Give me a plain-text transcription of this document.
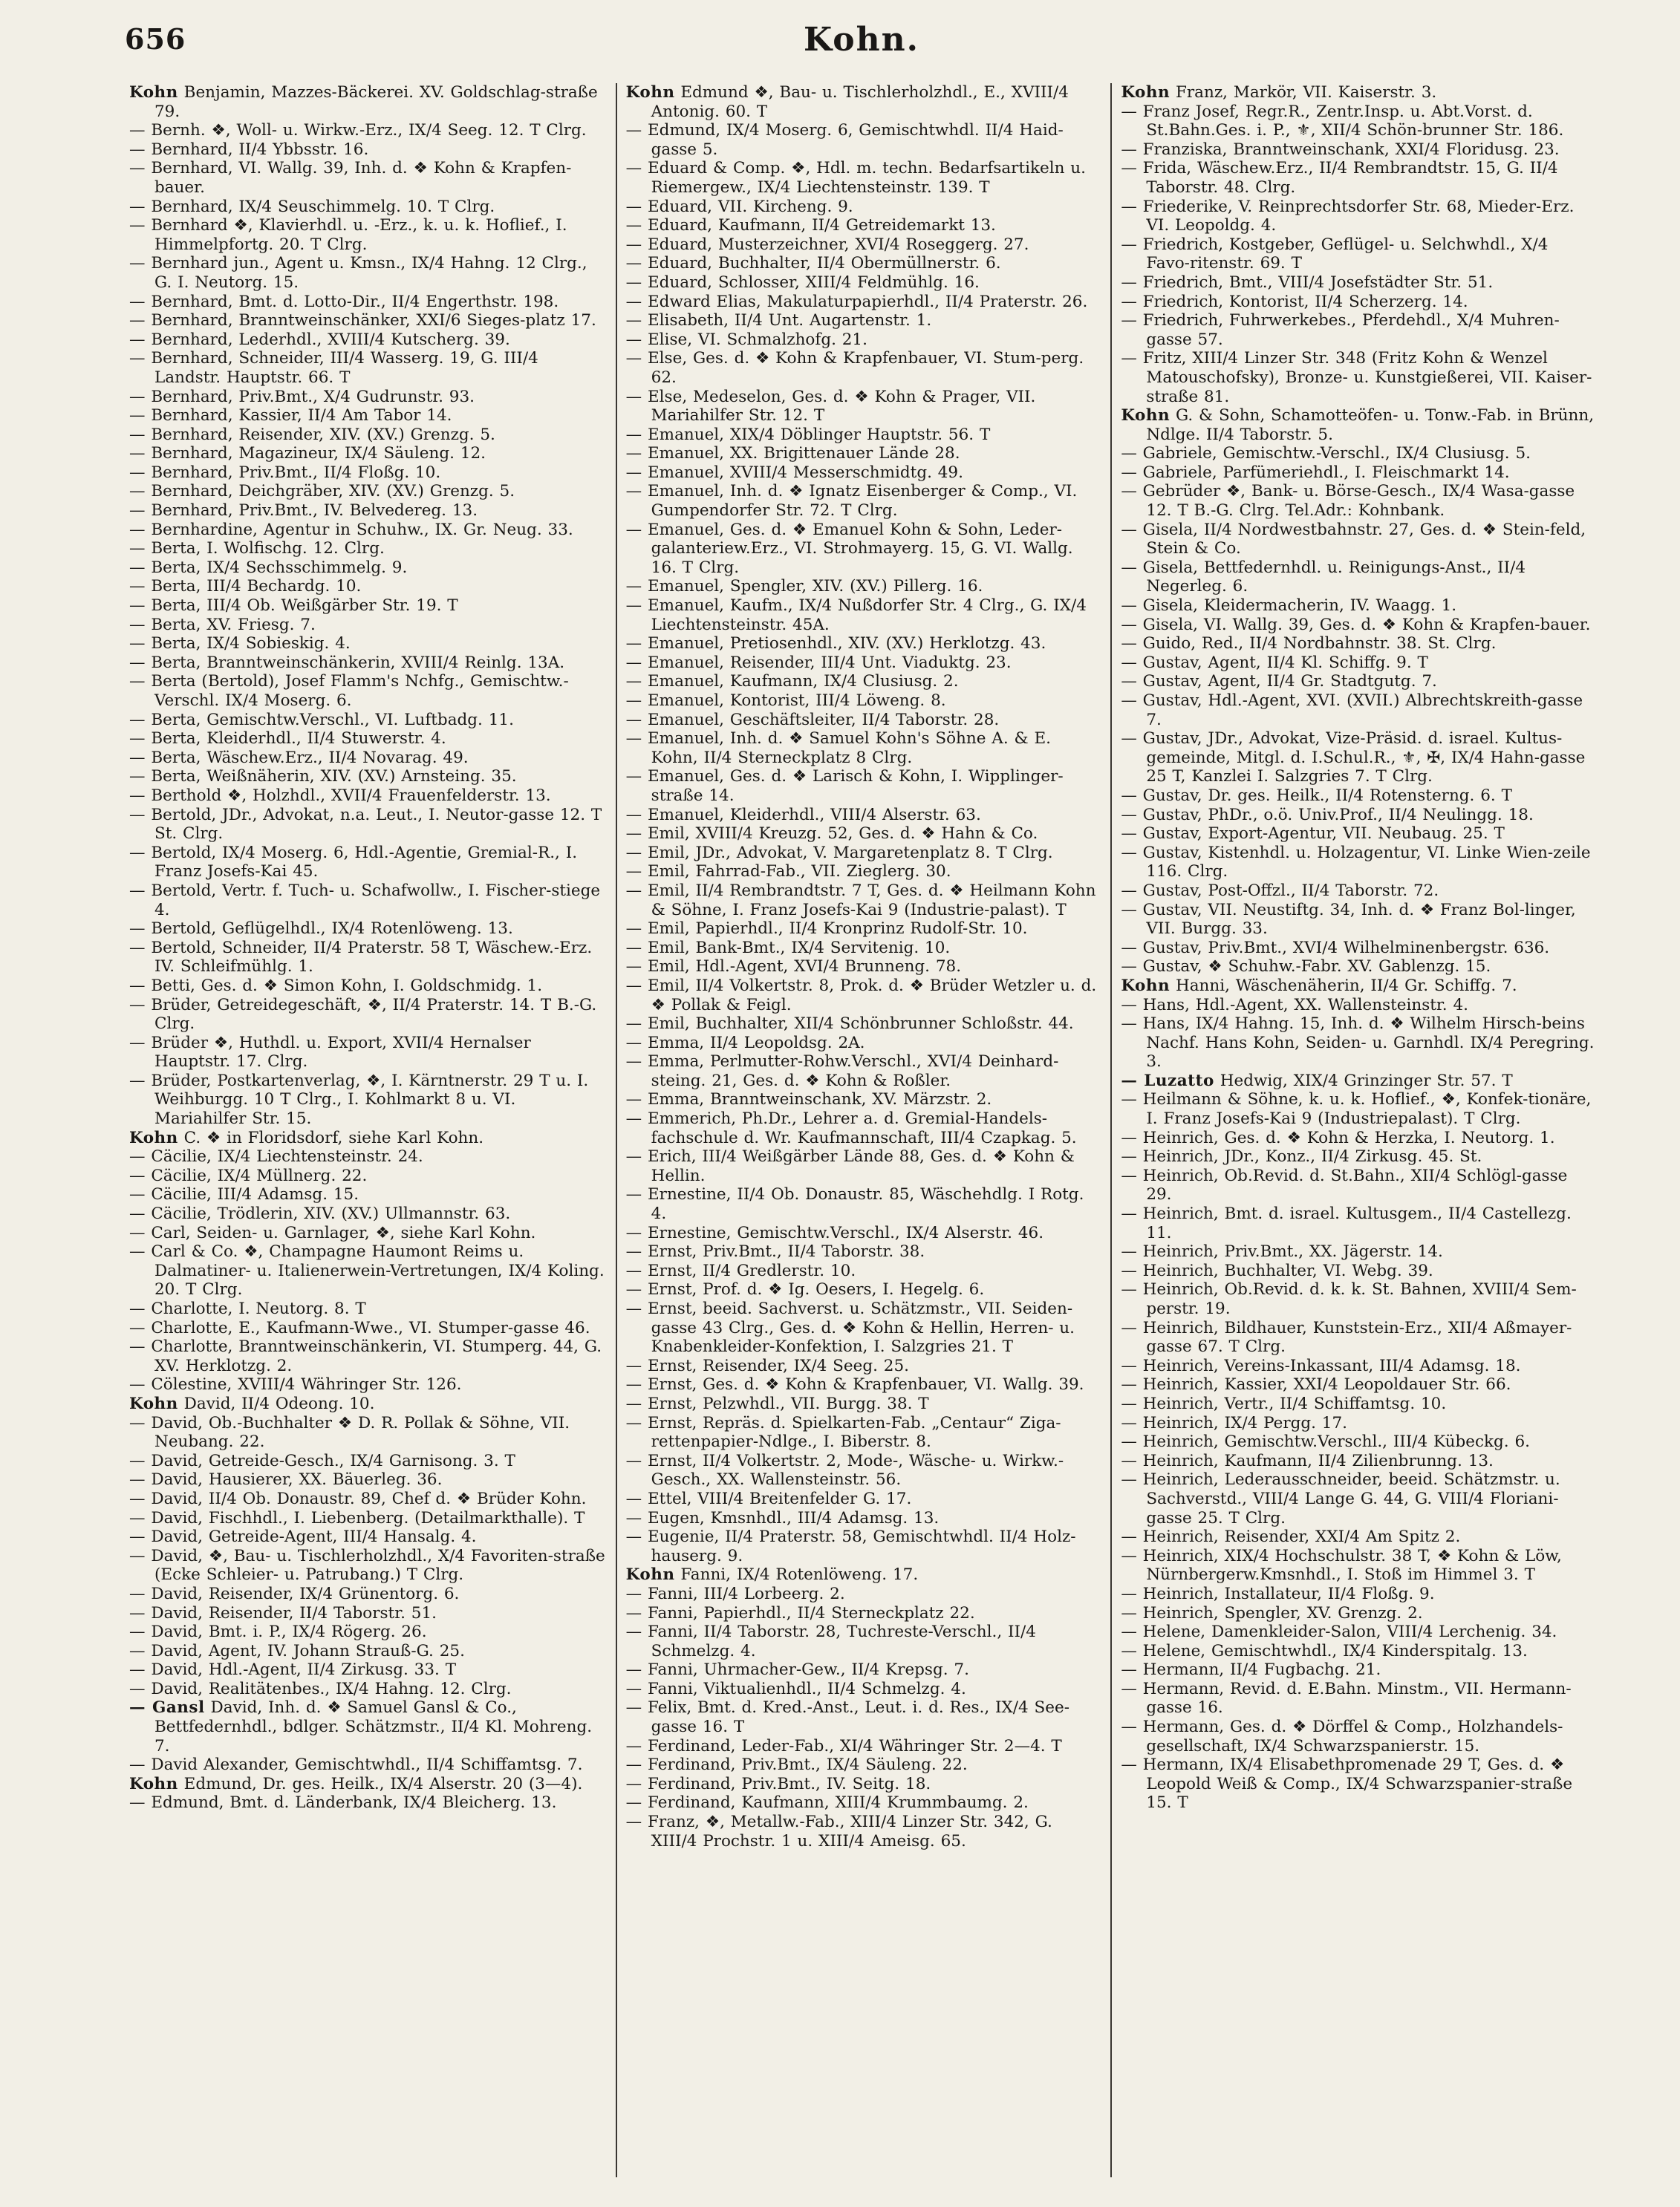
656	Kohn.

Kohn Benjamin, Mazzes-Bäckerei. XV. Goldschlag-straße 79.

— Bernh. ❖, Woll- u. Wirkw.-Erz., IX/4 Seeg. 12. T Clrg.

— Bernhard, II/4 Ybbsstr. 16.

— Bernhard, VI. Wallg. 39, Inh. d. ❖ Kohn & Krapfen-bauer.

— Bernhard, IX/4 Seuschimmelg. 10. T Clrg.

— Bernhard ❖, Klavierhdl. u. -Erz., k. u. k. Hoflief., I. Himmelpfortg. 20. T Clrg.

— Bernhard jun., Agent u. Kmsn., IX/4 Hahng. 12 Clrg., G. I. Neutorg. 15.

— Bernhard, Bmt. d. Lotto-Dir., II/4 Engerthstr. 198.

— Bernhard, Branntweinschänker, XXI/6 Sieges-platz 17.

— Bernhard, Lederhdl., XVIII/4 Kutscherg. 39.

— Bernhard, Schneider, III/4 Wasserg. 19, G. III/4 Landstr. Hauptstr. 66. T

— Bernhard, Priv.Bmt., X/4 Gudrunstr. 93.

— Bernhard, Kassier, II/4 Am Tabor 14.

— Bernhard, Reisender, XIV. (XV.) Grenzg. 5.

— Bernhard, Magazineur, IX/4 Säuleng. 12.

— Bernhard, Priv.Bmt., II/4 Floßg. 10.

— Bernhard, Deichgräber, XIV. (XV.) Grenzg. 5.

— Bernhard, Priv.Bmt., IV. Belvedereg. 13.

— Bernhardine, Agentur in Schuhw., IX. Gr. Neug. 33.

— Berta, I. Wolfischg. 12. Clrg.

— Berta, IX/4 Sechsschimmelg. 9.

— Berta, III/4 Bechardg. 10.

— Berta, III/4 Ob. Weißgärber Str. 19. T

— Berta, XV. Friesg. 7.

— Berta, IX/4 Sobieskig. 4.

— Berta, Branntweinschänkerin, XVIII/4 Reinlg. 13A.

— Berta (Bertold), Josef Flamm's Nchfg., Gemischtw.-Verschl. IX/4 Moserg. 6.

— Berta, Gemischtw.Verschl., VI. Luftbadg. 11.

— Berta, Kleiderhdl., II/4 Stuwerstr. 4.

— Berta, Wäschew.Erz., II/4 Novarag. 49.

— Berta, Weißnäherin, XIV. (XV.) Arnsteing. 35.

— Berthold ❖, Holzhdl., XVII/4 Frauenfelderstr. 13.

— Bertold, JDr., Advokat, n.a. Leut., I. Neutor-gasse 12. T St. Clrg.

— Bertold, IX/4 Moserg. 6, Hdl.-Agentie, Gremial-R., I. Franz Josefs-Kai 45.

— Bertold, Vertr. f. Tuch- u. Schafwollw., I. Fischer-stiege 4.

— Bertold, Geflügelhdl., IX/4 Rotenlöweng. 13.

— Bertold, Schneider, II/4 Praterstr. 58 T, Wäschew.-Erz. IV. Schleifmühlg. 1.

— Betti, Ges. d. ❖ Simon Kohn, I. Goldschmidg. 1.

— Brüder, Getreidegeschäft, ❖, II/4 Praterstr. 14. T B.-G. Clrg.

— Brüder ❖, Huthdl. u. Export, XVII/4 Hernalser Hauptstr. 17. Clrg.

— Brüder, Postkartenverlag, ❖, I. Kärntnerstr. 29 T u. I. Weihburgg. 10 T Clrg., I. Kohlmarkt 8 u. VI. Mariahilfer Str. 15.

Kohn C. ❖ in Floridsdorf, siehe Karl Kohn.

— Cäcilie, IX/4 Liechtensteinstr. 24.

— Cäcilie, IX/4 Müllnerg. 22.

— Cäcilie, III/4 Adamsg. 15.

— Cäcilie, Trödlerin, XIV. (XV.) Ullmannstr. 63.

— Carl, Seiden- u. Garnlager, ❖, siehe Karl Kohn.

— Carl & Co. ❖, Champagne Haumont Reims u. Dalmatiner- u. Italienerwein-Vertretungen, IX/4 Koling. 20. T Clrg.

— Charlotte, I. Neutorg. 8. T

— Charlotte, E., Kaufmann-Wwe., VI. Stumper-gasse 46.

— Charlotte, Branntweinschänkerin, VI. Stumperg. 44, G. XV. Herklotzg. 2.

— Cölestine, XVIII/4 Währinger Str. 126.

Kohn David, II/4 Odeong. 10.

— David, Ob.-Buchhalter ❖ D. R. Pollak & Söhne, VII. Neubang. 22.

— David, Getreide-Gesch., IX/4 Garnisong. 3. T

— David, Hausierer, XX. Bäuerleg. 36.

— David, II/4 Ob. Donaustr. 89, Chef d. ❖ Brüder Kohn.

— David, Fischhdl., I. Liebenberg. (Detailmarkthalle). T

— David, Getreide-Agent, III/4 Hansalg. 4.

— David, ❖, Bau- u. Tischlerholzhdl., X/4 Favoriten-straße (Ecke Schleier- u. Patrubang.) T Clrg.

— David, Reisender, IX/4 Grünentorg. 6.

— David, Reisender, II/4 Taborstr. 51.

— David, Bmt. i. P., IX/4 Rögerg. 26.

— David, Agent, IV. Johann Strauß-G. 25.

— David, Hdl.-Agent, II/4 Zirkusg. 33. T

— David, Realitätenbes., IX/4 Hahng. 12. Clrg.

— Gansl David, Inh. d. ❖ Samuel Gansl & Co., Bettfedernhdl., bdlger. Schätzmstr., II/4 Kl. Mohreng. 7.

— David Alexander, Gemischtwhdl., II/4 Schiffamtsg. 7.

Kohn Edmund, Dr. ges. Heilk., IX/4 Alserstr. 20 (3—4).

— Edmund, Bmt. d. Länderbank, IX/4 Bleicherg. 13.

Kohn Edmund ❖, Bau- u. Tischlerholzhdl., E., XVIII/4 Antonig. 60. T

— Edmund, IX/4 Moserg. 6, Gemischtwhdl. II/4 Haid-gasse 5.

— Eduard & Comp. ❖, Hdl. m. techn. Bedarfsartikeln u. Riemergew., IX/4 Liechtensteinstr. 139. T

— Eduard, VII. Kircheng. 9.

— Eduard, Kaufmann, II/4 Getreidemarkt 13.

— Eduard, Musterzeichner, XVI/4 Roseggerg. 27.

— Eduard, Buchhalter, II/4 Obermüllnerstr. 6.

— Eduard, Schlosser, XIII/4 Feldmühlg. 16.

— Edward Elias, Makulaturpapierhdl., II/4 Praterstr. 26.

— Elisabeth, II/4 Unt. Augartenstr. 1.

— Elise, VI. Schmalzhofg. 21.

— Else, Ges. d. ❖ Kohn & Krapfenbauer, VI. Stum-perg. 62.

— Else, Medeselon, Ges. d. ❖ Kohn & Prager, VII. Mariahilfer Str. 12. T

— Emanuel, XIX/4 Döblinger Hauptstr. 56. T

— Emanuel, XX. Brigittenauer Lände 28.

— Emanuel, XVIII/4 Messerschmidtg. 49.

— Emanuel, Inh. d. ❖ Ignatz Eisenberger & Comp., VI. Gumpendorfer Str. 72. T Clrg.

— Emanuel, Ges. d. ❖ Emanuel Kohn & Sohn, Leder-galanteriew.Erz., VI. Strohmayerg. 15, G. VI. Wallg. 16. T Clrg.

— Emanuel, Spengler, XIV. (XV.) Pillerg. 16.

— Emanuel, Kaufm., IX/4 Nußdorfer Str. 4 Clrg., G. IX/4 Liechtensteinstr. 45A.

— Emanuel, Pretiosenhdl., XIV. (XV.) Herklotzg. 43.

— Emanuel, Reisender, III/4 Unt. Viaduktg. 23.

— Emanuel, Kaufmann, IX/4 Clusiusg. 2.

— Emanuel, Kontorist, III/4 Löweng. 8.

— Emanuel, Geschäftsleiter, II/4 Taborstr. 28.

— Emanuel, Inh. d. ❖ Samuel Kohn's Söhne A. & E. Kohn, II/4 Sterneckplatz 8 Clrg.

— Emanuel, Ges. d. ❖ Larisch & Kohn, I. Wipplinger-straße 14.

— Emanuel, Kleiderhdl., VIII/4 Alserstr. 63.

— Emil, XVIII/4 Kreuzg. 52, Ges. d. ❖ Hahn & Co.

— Emil, JDr., Advokat, V. Margaretenplatz 8. T Clrg.

— Emil, Fahrrad-Fab., VII. Zieglerg. 30.

— Emil, II/4 Rembrandtstr. 7 T, Ges. d. ❖ Heilmann Kohn & Söhne, I. Franz Josefs-Kai 9 (Industrie-palast). T

— Emil, Papierhdl., II/4 Kronprinz Rudolf-Str. 10.

— Emil, Bank-Bmt., IX/4 Servitenig. 10.

— Emil, Hdl.-Agent, XVI/4 Brunneng. 78.

— Emil, II/4 Volkertstr. 8, Prok. d. ❖ Brüder Wetzler u. d. ❖ Pollak & Feigl.

— Emil, Buchhalter, XII/4 Schönbrunner Schloßstr. 44.

— Emma, II/4 Leopoldsg. 2A.

— Emma, Perlmutter-Rohw.Verschl., XVI/4 Deinhard-steing. 21, Ges. d. ❖ Kohn & Roßler.

— Emma, Branntweinschank, XV. Märzstr. 2.

— Emmerich, Ph.Dr., Lehrer a. d. Gremial-Handels-fachschule d. Wr. Kaufmannschaft, III/4 Czapkag. 5.

— Erich, III/4 Weißgärber Lände 88, Ges. d. ❖ Kohn & Hellin.

— Ernestine, II/4 Ob. Donaustr. 85, Wäschehdlg. I Rotg. 4.

— Ernestine, Gemischtw.Verschl., IX/4 Alserstr. 46.

— Ernst, Priv.Bmt., II/4 Taborstr. 38.

— Ernst, II/4 Gredlerstr. 10.

— Ernst, Prof. d. ❖ Ig. Oesers, I. Hegelg. 6.

— Ernst, beeid. Sachverst. u. Schätzmstr., VII. Seiden-gasse 43 Clrg., Ges. d. ❖ Kohn & Hellin, Herren- u. Knabenkleider-Konfektion, I. Salzgries 21. T

— Ernst, Reisender, IX/4 Seeg. 25.

— Ernst, Ges. d. ❖ Kohn & Krapfenbauer, VI. Wallg. 39.

— Ernst, Pelzwhdl., VII. Burgg. 38. T

— Ernst, Repräs. d. Spielkarten-Fab. „Centaur“ Ziga-rettenpapier-Ndlge., I. Biberstr. 8.

— Ernst, II/4 Volkertstr. 2, Mode-, Wäsche- u. Wirkw.-Gesch., XX. Wallensteinstr. 56.

— Ettel, VIII/4 Breitenfelder G. 17.

— Eugen, Kmsnhdl., III/4 Adamsg. 13.

— Eugenie, II/4 Praterstr. 58, Gemischtwhdl. II/4 Holz-hauserg. 9.

Kohn Fanni, IX/4 Rotenlöweng. 17.

— Fanni, III/4 Lorbeerg. 2.

— Fanni, Papierhdl., II/4 Sterneckplatz 22.

— Fanni, II/4 Taborstr. 28, Tuchreste-Verschl., II/4 Schmelzg. 4.

— Fanni, Uhrmacher-Gew., II/4 Krepsg. 7.

— Fanni, Viktualienhdl., II/4 Schmelzg. 4.

— Felix, Bmt. d. Kred.-Anst., Leut. i. d. Res., IX/4 See-gasse 16. T

— Ferdinand, Leder-Fab., XI/4 Währinger Str. 2—4. T

— Ferdinand, Priv.Bmt., IX/4 Säuleng. 22.

— Ferdinand, Priv.Bmt., IV. Seitg. 18.

— Ferdinand, Kaufmann, XIII/4 Krummbaumg. 2.

— Franz, ❖, Metallw.-Fab., XIII/4 Linzer Str. 342, G. XIII/4 Prochstr. 1 u. XIII/4 Ameisg. 65.

Kohn Franz, Markör, VII. Kaiserstr. 3.

— Franz Josef, Regr.R., Zentr.Insp. u. Abt.Vorst. d. St.Bahn.Ges. i. P., ⚜, XII/4 Schön-brunner Str. 186.

— Franziska, Branntweinschank, XXI/4 Floridusg. 23.

— Frida, Wäschew.Erz., II/4 Rembrandtstr. 15, G. II/4 Taborstr. 48. Clrg.

— Friederike, V. Reinprechtsdorfer Str. 68, Mieder-Erz. VI. Leopoldg. 4.

— Friedrich, Kostgeber, Geflügel- u. Selchwhdl., X/4 Favo-ritenstr. 69. T

— Friedrich, Bmt., VIII/4 Josefstädter Str. 51.

— Friedrich, Kontorist, II/4 Scherzerg. 14.

— Friedrich, Fuhrwerkebes., Pferdehdl., X/4 Muhren-gasse 57.

— Fritz, XIII/4 Linzer Str. 348 (Fritz Kohn & Wenzel Matouschofsky), Bronze- u. Kunstgießerei, VII. Kaiser-straße 81.

Kohn G. & Sohn, Schamotteöfen- u. Tonw.-Fab. in Brünn, Ndlge. II/4 Taborstr. 5.

— Gabriele, Gemischtw.-Verschl., IX/4 Clusiusg. 5.

— Gabriele, Parfümeriehdl., I. Fleischmarkt 14.

— Gebrüder ❖, Bank- u. Börse-Gesch., IX/4 Wasa-gasse 12. T B.-G. Clrg. Tel.Adr.: Kohnbank.

— Gisela, II/4 Nordwestbahnstr. 27, Ges. d. ❖ Stein-feld, Stein & Co.

— Gisela, Bettfedernhdl. u. Reinigungs-Anst., II/4 Negerleg. 6.

— Gisela, Kleidermacherin, IV. Waagg. 1.

— Gisela, VI. Wallg. 39, Ges. d. ❖ Kohn & Krapfen-bauer.

— Guido, Red., II/4 Nordbahnstr. 38. St. Clrg.

— Gustav, Agent, II/4 Kl. Schiffg. 9. T

— Gustav, Agent, II/4 Gr. Stadtgutg. 7.

— Gustav, Hdl.-Agent, XVI. (XVII.) Albrechtskreith-gasse 7.

— Gustav, JDr., Advokat, Vize-Präsid. d. israel. Kultus-gemeinde, Mitgl. d. I.Schul.R., ⚜, ✠, IX/4 Hahn-gasse 25 T, Kanzlei I. Salzgries 7. T Clrg.

— Gustav, Dr. ges. Heilk., II/4 Rotensterng. 6. T

— Gustav, PhDr., o.ö. Univ.Prof., II/4 Neulingg. 18.

— Gustav, Export-Agentur, VII. Neubaug. 25. T

— Gustav, Kistenhdl. u. Holzagentur, VI. Linke Wien-zeile 116. Clrg.

— Gustav, Post-Offzl., II/4 Taborstr. 72.

— Gustav, VII. Neustiftg. 34, Inh. d. ❖ Franz Bol-linger, VII. Burgg. 33.

— Gustav, Priv.Bmt., XVI/4 Wilhelminenbergstr. 636.

— Gustav, ❖ Schuhw.-Fabr. XV. Gablenzg. 15.

Kohn Hanni, Wäschenäherin, II/4 Gr. Schiffg. 7.

— Hans, Hdl.-Agent, XX. Wallensteinstr. 4.

— Hans, IX/4 Hahng. 15, Inh. d. ❖ Wilhelm Hirsch-beins Nachf. Hans Kohn, Seiden- u. Garnhdl. IX/4 Peregring. 3.

— Luzatto Hedwig, XIX/4 Grinzinger Str. 57. T

— Heilmann & Söhne, k. u. k. Hoflief., ❖, Konfek-tionäre, I. Franz Josefs-Kai 9 (Industriepalast). T Clrg.

— Heinrich, Ges. d. ❖ Kohn & Herzka, I. Neutorg. 1.

— Heinrich, JDr., Konz., II/4 Zirkusg. 45. St.

— Heinrich, Ob.Revid. d. St.Bahn., XII/4 Schlögl-gasse 29.

— Heinrich, Bmt. d. israel. Kultusgem., II/4 Castellezg. 11.

— Heinrich, Priv.Bmt., XX. Jägerstr. 14.

— Heinrich, Buchhalter, VI. Webg. 39.

— Heinrich, Ob.Revid. d. k. k. St. Bahnen, XVIII/4 Sem-perstr. 19.

— Heinrich, Bildhauer, Kunststein-Erz., XII/4 Aßmayer-gasse 67. T Clrg.

— Heinrich, Vereins-Inkassant, III/4 Adamsg. 18.

— Heinrich, Kassier, XXI/4 Leopoldauer Str. 66.

— Heinrich, Vertr., II/4 Schiffamtsg. 10.

— Heinrich, IX/4 Pergg. 17.

— Heinrich, Gemischtw.Verschl., III/4 Kübeckg. 6.

— Heinrich, Kaufmann, II/4 Zilienbrunng. 13.

— Heinrich, Lederausschneider, beeid. Schätzmstr. u. Sachverstd., VIII/4 Lange G. 44, G. VIII/4 Floriani-gasse 25. T Clrg.

— Heinrich, Reisender, XXI/4 Am Spitz 2.

— Heinrich, XIX/4 Hochschulstr. 38 T, ❖ Kohn & Löw, Nürnbergerw.Kmsnhdl., I. Stoß im Himmel 3. T

— Heinrich, Installateur, II/4 Floßg. 9.

— Heinrich, Spengler, XV. Grenzg. 2.

— Helene, Damenkleider-Salon, VIII/4 Lerchenig. 34.

— Helene, Gemischtwhdl., IX/4 Kinderspitalg. 13.

— Hermann, II/4 Fugbachg. 21.

— Hermann, Revid. d. E.Bahn. Minstm., VII. Hermann-gasse 16.

— Hermann, Ges. d. ❖ Dörffel & Comp., Holzhandels-gesellschaft, IX/4 Schwarzspanierstr. 15.

— Hermann, IX/4 Elisabethpromenade 29 T, Ges. d. ❖ Leopold Weiß & Comp., IX/4 Schwarzspanier-straße 15. T
